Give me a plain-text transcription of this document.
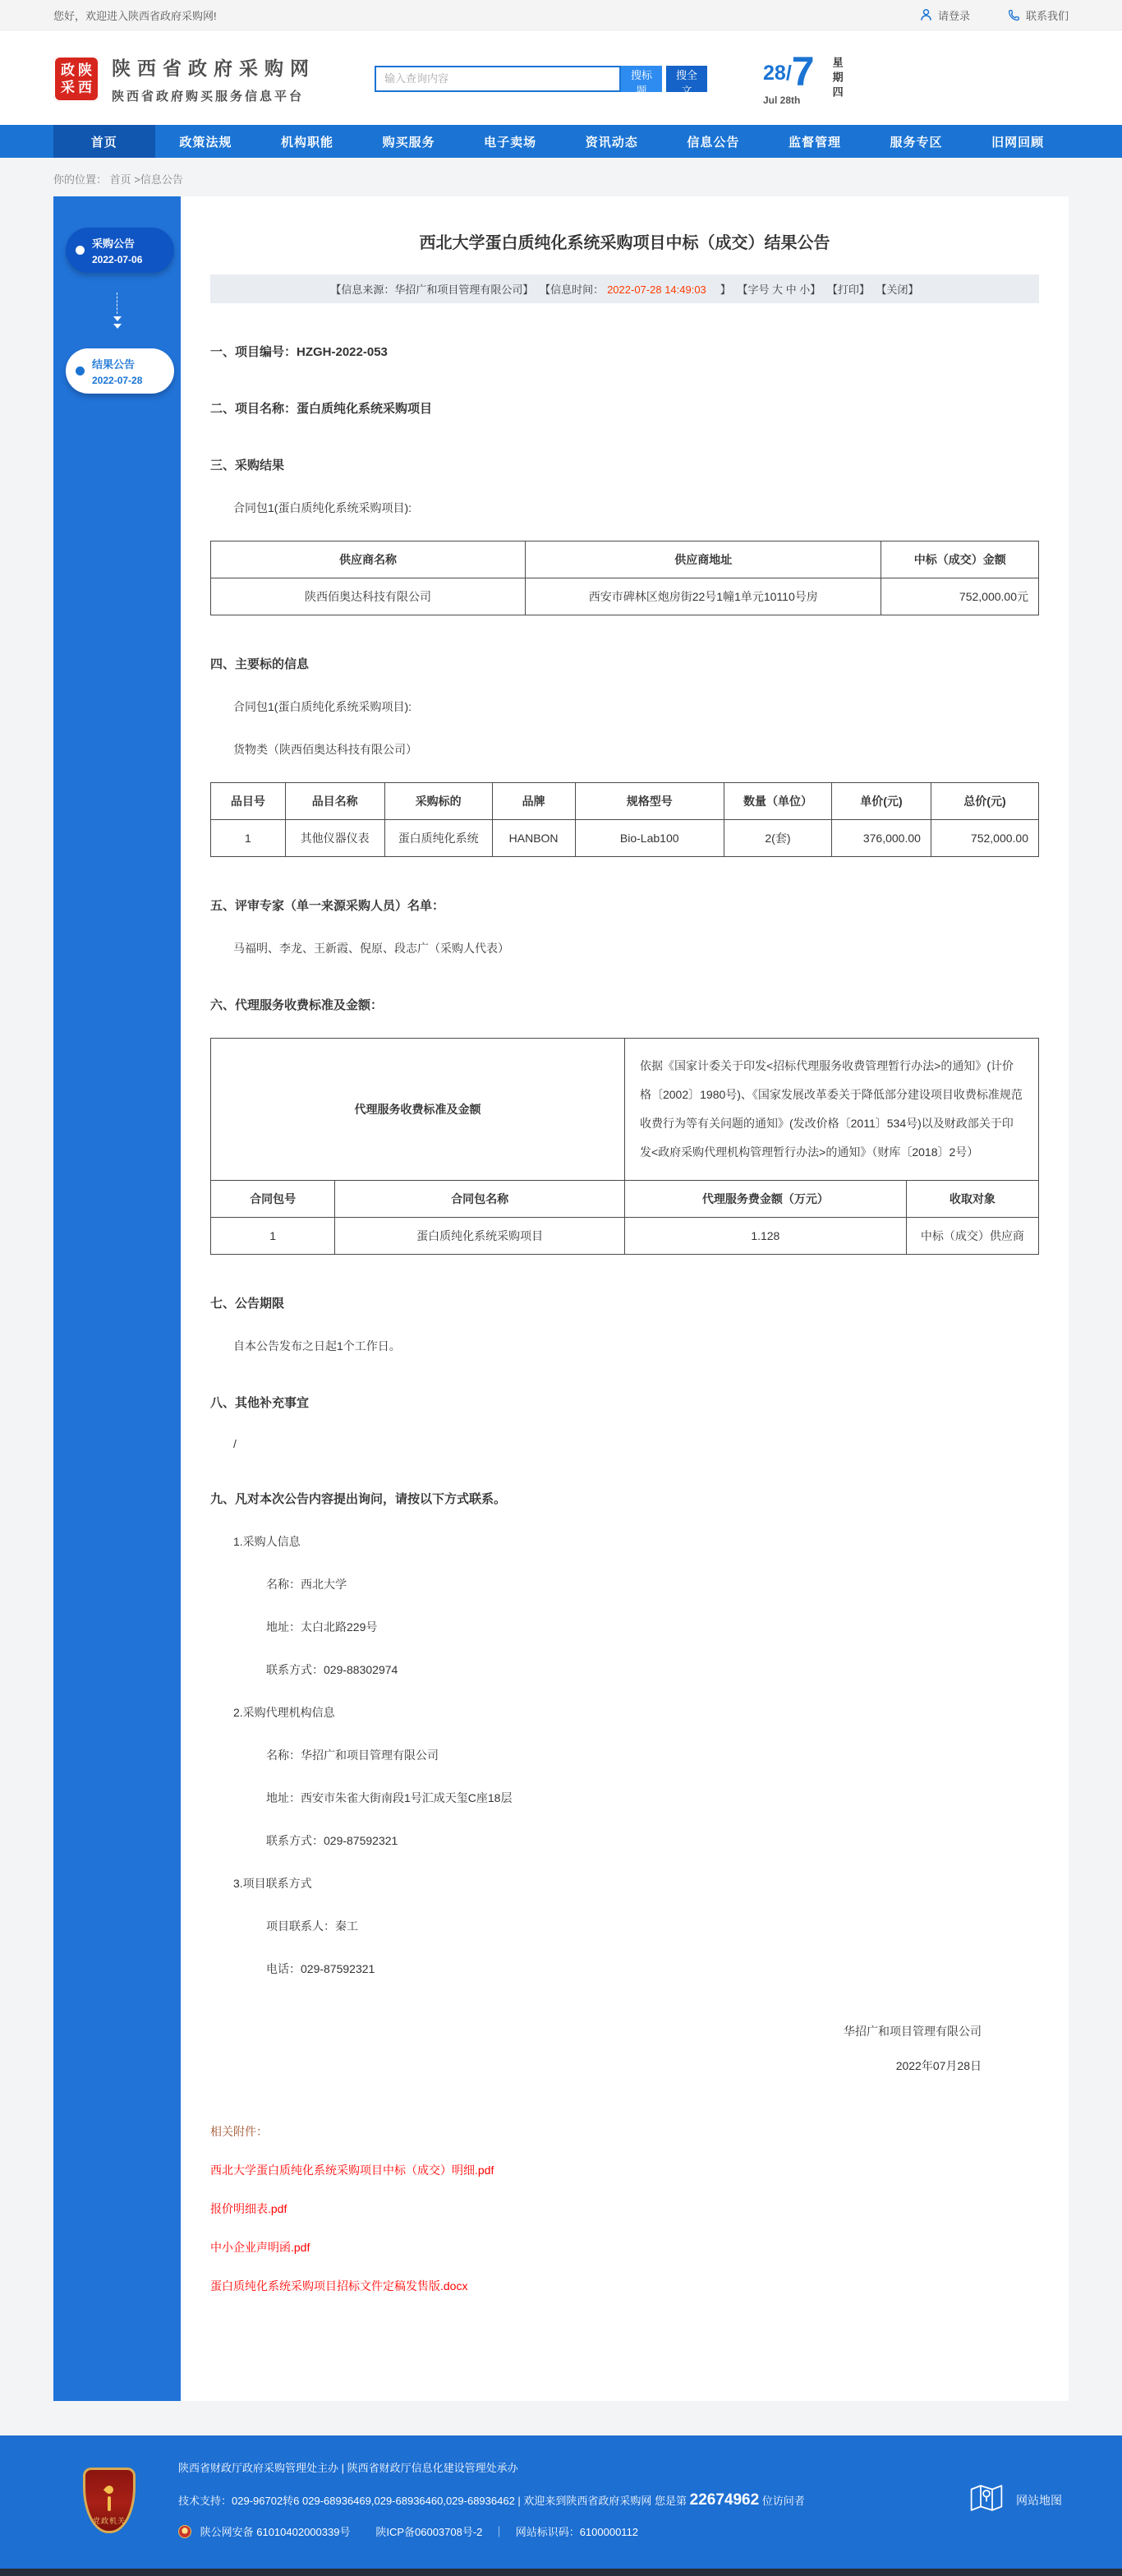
您好，欢迎进入陕西省政府采购网!	请登录	联系我们
政 陕
采 西
陕西省政府采购网
陕西省政府购买服务信息平台
输入查询内容
搜标题
搜全文
28 / 7
Jul 28th	星期四
首页	政策法规	机构职能	购买服务	电子卖场	资讯动态	信息公告	监督管理	服务专区	旧网回顾
你的位置： 首页 >信息公告
采购公告
2022-07-06
结果公告
2022-07-28
西北大学蛋白质纯化系统采购项目中标（成交）结果公告
【信息来源：华招广和项目管理有限公司】 【信息时间： 2022-07-28 14:49:03　】 【字号 大 中 小】 【打印】 【关闭】
一、项目编号：HZGH-2022-053
二、项目名称：蛋白质纯化系统采购项目
三、采购结果
合同包1(蛋白质纯化系统采购项目):
供应商名称	供应商地址	中标（成交）金额
陕西佰奥达科技有限公司	西安市碑林区炮房街22号1幢1单元10110号房	752,000.00元
四、主要标的信息
合同包1(蛋白质纯化系统采购项目):
货物类（陕西佰奥达科技有限公司）
品目号	品目名称	采购标的	品牌	规格型号	数量（单位）	单价(元)	总价(元)
1	其他仪器仪表	蛋白质纯化系统	HANBON	Bio-Lab100	2(套)	376,000.00	752,000.00
五、评审专家（单一来源采购人员）名单：
马福明、李龙、王新霞、倪原、段志广（采购人代表）
六、代理服务收费标准及金额：
代理服务收费标准及金额		依据《国家计委关于印发<招标代理服务收费管理暂行办法>的通知》(计价格〔2002〕1980号)、《国家发展改革委关于降低部分建设项目收费标准规范收费行为等有关问题的通知》(发改价格〔2011〕534号)以及财政部关于印发<政府采购代理机构管理暂行办法>的通知》（财库〔2018〕2号）	
合同包号	合同包名称	代理服务费金额（万元）	收取对象
1	蛋白质纯化系统采购项目	1.128	中标（成交）供应商
七、公告期限
自本公告发布之日起1个工作日。
八、其他补充事宜
/
九、凡对本次公告内容提出询问，请按以下方式联系。
1.采购人信息
名称：西北大学
地址：太白北路229号
联系方式：029-88302974
2.采购代理机构信息
名称：华招广和项目管理有限公司
地址：西安市朱雀大街南段1号汇成天玺C座18层
联系方式：029-87592321
3.项目联系方式
项目联系人：秦工
电话：029-87592321
华招广和项目管理有限公司
2022年07月28日
相关附件：
西北大学蛋白质纯化系统采购项目中标（成交）明细.pdf
报价明细表.pdf
中小企业声明函.pdf
蛋白质纯化系统采购项目招标文件定稿发售版.docx
党政机关
陕西省财政厅政府采购管理处主办 | 陕西省财政厅信息化建设管理处承办
技术支持：029-96702转6 029-68936469,029-68936460,029-68936462 | 欢迎来到陕西省政府采购网 您是第 22674962 位访问者
陕公网安备 61010402000339号 陕ICP备06003708号-2 ｜ 网站标识码：6100000112
网站地图
